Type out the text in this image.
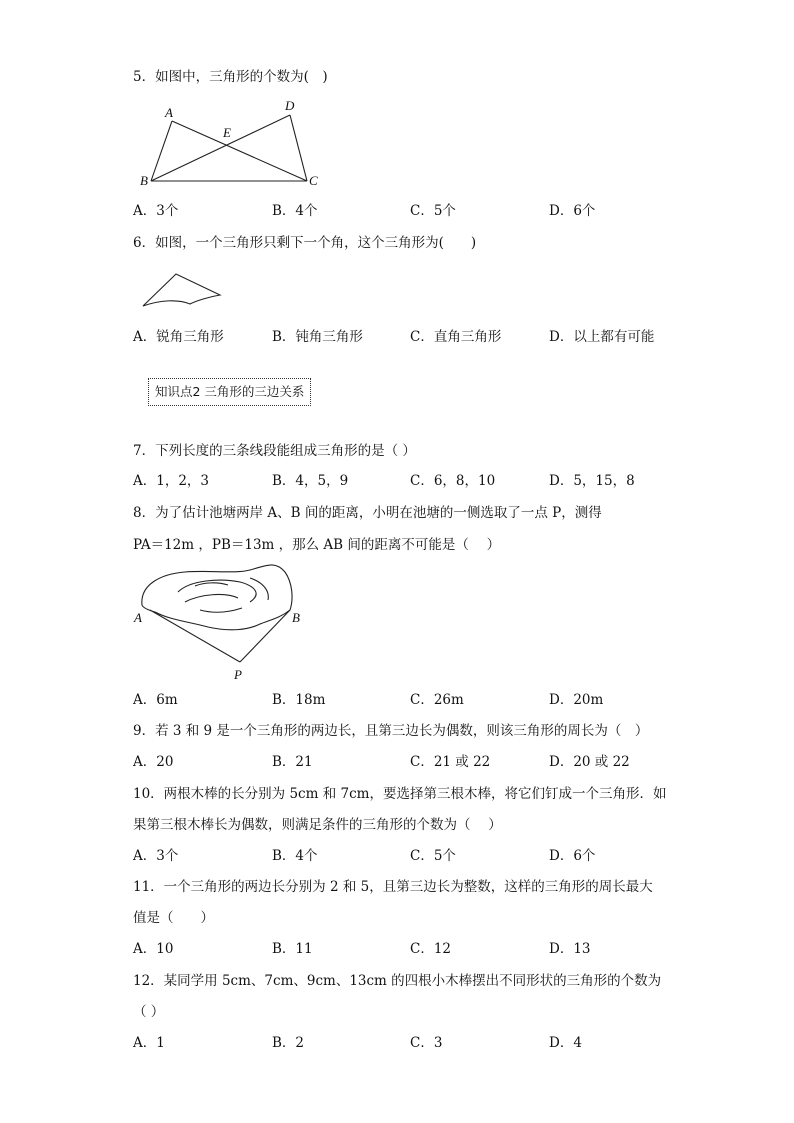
5．如图中，三角形的个数为(　)
A	D
E
B	C
A．3个	B．4个	C．5个	D．6个
6．如图，一个三角形只剩下一个角，这个三角形为(　　)
A．锐角三角形	B．钝角三角形	C．直角三角形	D．以上都有可能
知识点2 三角形的三边关系
7．下列长度的三条线段能组成三角形的是（ ）
A．1，2，3	B．4，5，9	C．6，8，10	D．5，15，8
8．为了估计池塘两岸 A、B 间的距离，小明在池塘的一侧选取了一点 P，测得
PA＝12m ，PB＝13m ，那么 AB 间的距离不可能是（　 ）
A	B
P
A．6m	B．18m	C．26m	D．20m
9．若 3 和 9 是一个三角形的两边长，且第三边长为偶数，则该三角形的周长为（　）
A．20	B．21	C．21 或 22	D．20 或 22
10．两根木棒的长分别为 5cm 和 7cm，要选择第三根木棒，将它们钉成一个三角形．如
果第三根木棒长为偶数，则满足条件的三角形的个数为（　 ）
A．3个	B．4个	C．5个	D．6个
11．一个三角形的两边长分别为 2 和 5，且第三边长为整数，这样的三角形的周长最大
值是（　　）
A．10	B．11	C．12	D．13
12．某同学用 5cm、7cm、9cm、13cm 的四根小木棒摆出不同形状的三角形的个数为
（ ）
A．1	B．2	C．3	D．4
